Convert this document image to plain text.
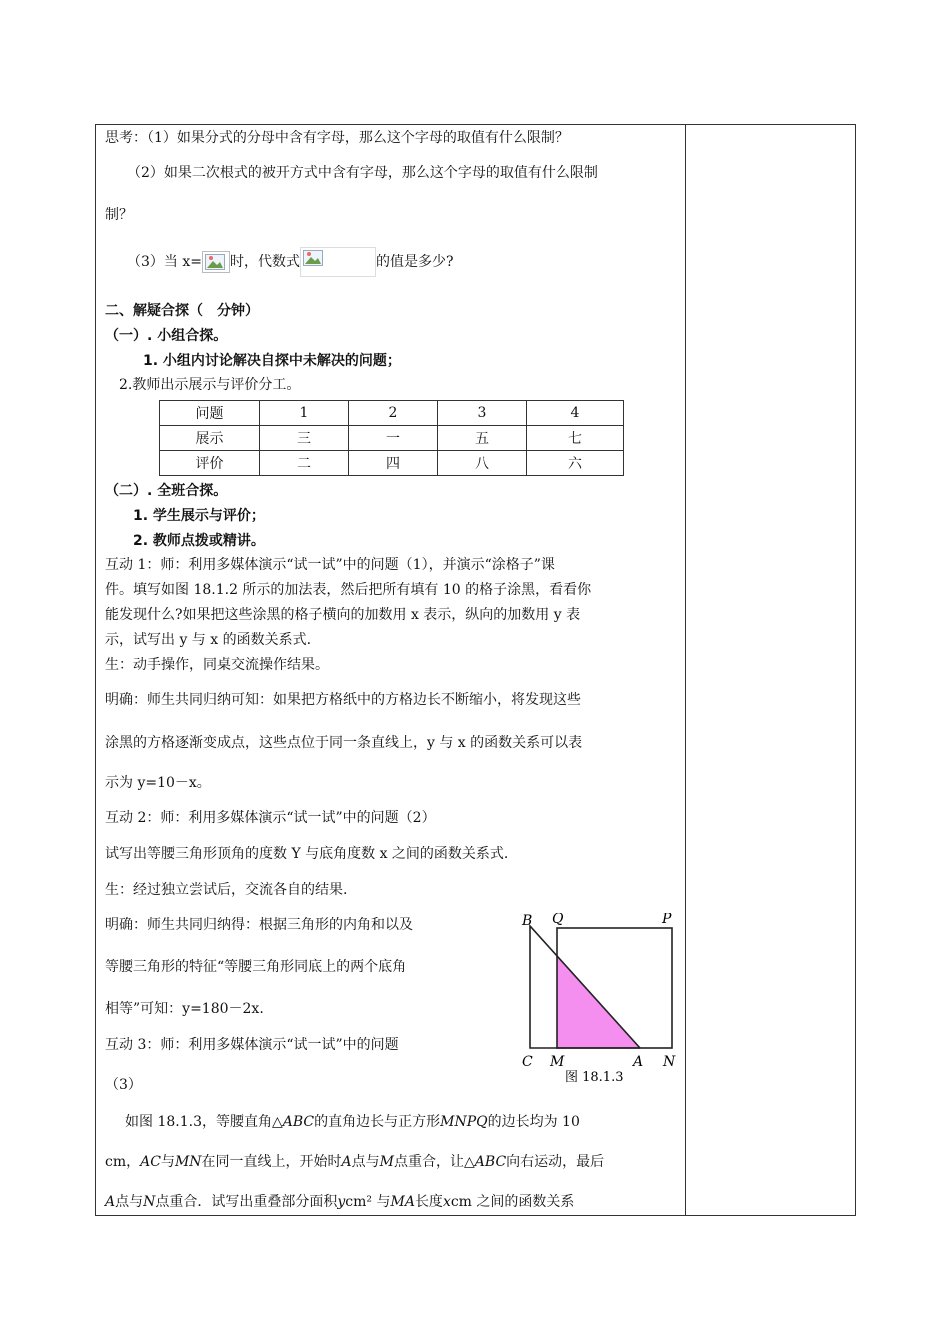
思考：（1）如果分式的分母中含有字母，那么这个字母的取值有什么限制？
（2）如果二次根式的被开方式中含有字母，那么这个字母的取值有什么限制
制？
（3）当 x= 时，代数式	的值是多少?
二、解疑合探（　分钟）
（一）. 小组合探。
1. 小组内讨论解决自探中未解决的问题；
2.教师出示展示与评价分工。
问题	1	2	3	4
展示	三	一	五	七
评价	二	四	八	六
（二）. 全班合探。
1. 学生展示与评价；
2. 教师点拨或精讲。
互动 1：师：利用多媒体演示“试一试”中的问题（1），并演示“涂格子”课
件。填写如图 18.1.2 所示的加法表，然后把所有填有 10 的格子涂黑，看看你
能发现什么?如果把这些涂黑的格子横向的加数用 x 表示，纵向的加数用 y 表
示，试写出 y 与 x 的函数关系式.
生：动手操作，同桌交流操作结果。
明确：师生共同归纳可知：如果把方格纸中的方格边长不断缩小，将发现这些
涂黑的方格逐渐变成点，这些点位于同一条直线上，y 与 x 的函数关系可以表
示为 y=10－x。
互动 2：师：利用多媒体演示“试一试”中的问题（2）
试写出等腰三角形顶角的度数 Y 与底角度数 x 之间的函数关系式.
生：经过独立尝试后，交流各自的结果.
明确：师生共同归纳得：根据三角形的内角和以及
等腰三角形的特征“等腰三角形同底上的两个底角
相等”可知：y=180－2x.
互动 3：师：利用多媒体演示“试一试”中的问题
（3）
如图 18.1.3，等腰直角△ABC的直角边长与正方形MNPQ的边长均为 10
cm，AC与MN在同一直线上，开始时A点与M点重合，让△ABC向右运动，最后
A点与N点重合．试写出重叠部分面积ycm² 与MA长度xcm 之间的函数关系
B Q	P
C M	A N
图 18.1.3
